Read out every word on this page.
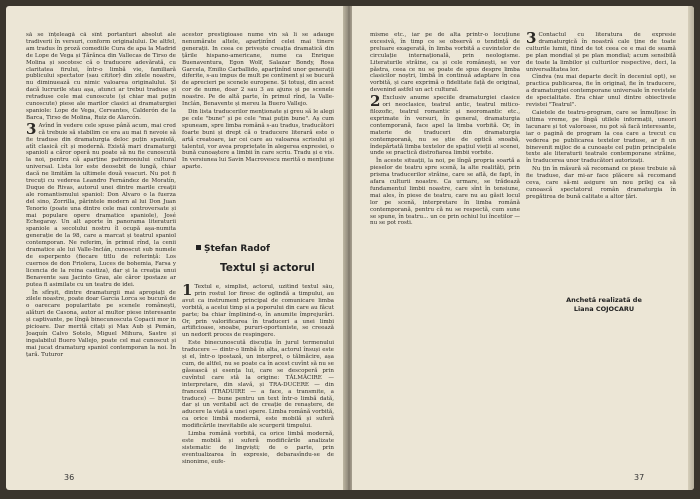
să se înțeleagă că sînt portanturi absolut ale tradiverii în versuri, conform originalului. De altfel, am tradus în proză comediile Cura de apa la Madrid de Lope de Vega și Țărănca din Vallecas de Tirso de Molina și socotesc că o traducere adevărată, cu claritatea firului, într-o limbă vie, familiară publicului spectator (sau cititor) din zilele noastre, nu diminuează cu nimic valoarea originalului. Și dacă lucrurile stau așa, atunci ar trebui traduse și retraduse cele mai cunoscute (și chiar mai puțin cunoscute) piese ale marilor clasici ai dramaturgiei spaniole: Lope de Vega, Cervantes, Calderón de la Barca, Tirso de Molina, Ruiz de Alarcón.

3 Avînd în vedere cele spuse până acum, mai cred că trebuie să stabilim ce era au mai fi nevoie să fie traduse din dramaturgia deloc puțin spaniolă, atît clasică cît și modernă. Există mari dramaturgi spanioli a căror operă nu poate să nu fie cunoscută la noi, pentru că aparține patrimoniului cultural universal. Lista lor este deosebit de lungă, chiar dacă ne limităm la ultimele două veacuri. Nu pot fi trecuți cu vederea Leandro Fernández de Moratín, Duque de Rivas, autorul unei dintre marile creații ale romantismului spaniol: Don Alvaro o la fuerza del sino, Zorrilla, părintele modern al lui Don Juan Tenorio (poate una dintre cele mai controversate și mai populare opere dramatice spaniole), José Echegaray. Un alt aporte în panorama literaturii spaniole a secolului nostru îl ocupă așa-numita generație de la 98, care a marcat și teatrul spaniol contemporan. Ne referim, în primul rînd, la cenii dramatice ale lui Valle-Inclán, cunoscut sub numele de esperpento (fiecare titlu de referință: Los cuernos de don Friolera, Luces de bohemia, Farsa y licencia de la reina castiza), dar și la creația unui Benavente sau Jacinto Grau, ale căror ipostaze ar putea fi asimilate cu un teatru de idei.

În sfîrșit, dintre dramaturgii mai apropiați de zilele noastre, poate doar García Lorca se bucură de o oarecare popularitate pe scenele românești, alături de Casona, autor al multor piese interesante și captivante, pe lîngă binecunoscuta Copacii mor in picioare. Dar merită citați și Max Aub și Pemán, Joaquín Calvo Sotelo, Miguel Mihura, Sastre și ingalabilul Buero Vallejo, poate cel mai cunoscut și mai jucat dramaturg spaniol contemporan la noi. În țară. Tuturor

acestor prestigioase nume vin să li se adauge nenumărate altele, aparținînd celei mai tinere generații. In ceea ce privește creația dramatică din țările hispano-americane, nume ca Enrique Buenaventura, Egon Wolf, Salazar Bondy, Rosa Garcela, Emilio Carballido, aparținînd unor generații diferite, s-au impus de mult pe continent și se bucură de aprecieri pe scenele europene. Și totuși, din acest cor de nume, doar 2 sau 3 au ajuns și pe scenele noastre. Pe de altă parte, în primul rînd, la Valle-Inclán, Benavente și mereu la Buero Vallejo.

Din lista traducerilor menționate și greu să le alegi pe cele "bune" și pe cele "mai puțin bune". Aș cum spuneam, spre limba română s-au tradus, traducători foarte buni și drept că o traducere literară este o artă creatoare, iar cei care au valoarea scrisului și talentul, vor avea proprietate în alegerea expresiei, o bună cunoaștere a limbii în care scriu. Tradu și e vis. In versiunea lui Savin Macrovescu merită o mențiune aparte.

Ștefan Radof
Textul și actorul

1 Textul e, simplist, actorul, uzitînd textul său, prin rostul lor firesc de oglindă a timpului, au avut ca instrument principal de comunicare limba vorbită, a acelui timp și a poporului din care au făcut parte; ba chiar împlinind-o, în anumite împrejurări. Or, prin valorificarea în traduceri a unei limbi artificioase, snoabe, pururi-oportuniste, se creează un nedorit proces de respingere.

Este binecunoscută discuția în jurul termenului traducere — dintr-o limbă în alta, actorul însuși este și el, într-o ipostază, un interpret, o tălmăcire, așa cum, de altfel, nu se poate ca în acest cuvînt să nu se găsească și esența lui, care se descoperă prin cuvîntul care stă la origine: TĂLMĂCIRE — interpretare, din slavă, și TRA-DUCERE — din franceză (TRADUIRE — a face, a transmite, a traduce) — bune pentru un text într-o limbă dată, dar și un veritabil act de creație de renaștere, de aducere la viață a unei opere. Limba română vorbită, ca orice limbă modernă, este mobilă și suferă modificările inevitabile ale scurgerii timpului.

Limba română vorbită, ca orice limbă modernă, este mobilă și suferă modificările analizate sistematic de lingviști; de o parte, prin eventualizarea în expresie, debarasîndu-se de sinonime, eufe-

36

misme etc., iar pe de alta printr-o locuțiune excesivă, în timp ce se observă o tendință de preluare exagerată, în limba vorbită a cuvintelor de circulație internațională, prin neologisme. Literaturile străine, ca și cele românești, se vor păstra, ceea ce nu se poate de spus despre limba clasicilor noștri, limbă în continuă adaptare în cea vorbită, și care exprimă o fidelitate față de original, devenind astfel un act cultural.

2 Exclusiv anume speciile dramaturgiei clasice ori neoclasice, teatrul antic, teatrul mitico-filozofic, teatrul romantic și neoromantic etc., exprimate în versuri, în general, dramaturgia contemporană, face apel la limba vorbită. Or, în materie de traduceri din dramaturgia contemporană, nu se știe de optică snoabă, îndepărtată limba textelor de spațiul vieții al scenei, unde se practică distrofiarea limbii vorbite.

În aceste situații, la noi, pe lîngă propria soartă a pieselor de teatru spre scenă, la alte realități, prin prisma traducerilor străine, care se află, de fapt, în afara culturii noastre. Ca urmare, se trădează fundamentul limbii noastre, care sînt în tensiune, mai ales, în piese de teatru, care nu au găsit locul lor pe scenă, interpretare în limba română contemporană, pentru că nu se respectă, cum sune se spune, în teatru... un ce prin ochiul lui încetilor — nu se pot rosti.

3 Contactul cu literatura de expresie dramaturgică în noastră cale ține de toate culturile lumii, fiind de tot ceea ce e mai de seamă pe plan mondial și pe plan mondial; acum sensibilă de toate la limbilor și culturilor respective, deci, la universalitatea lor.

Cîndva (nu mai departe decît în deceniul opt), se practica publicarea, fie în original, fie în traducere, a dramaturgiei contemporane universale în revistele de specialitate. Era chiar unul dintre obiectivele revistei "Teatrul".

Caietele de teatru-program, care se înmulțesc în ultima vreme, pe lîngă utilele informații, uneori lacunare și tot valoroase, nu pot să facă interesante, iar o pagină de program la cea care a trecut cu vederea pe publicarea textelor traduse, ar fi un binevenit mijloc de a cunoaște cel puțin principalele texte ale literaturii teatrale contemporane străine, în traducerea unor traducători autorizați.

Nu țin în măsură să recomand ce piese trebuie să fie traduse, dar mi-ar face plăcere să recomand ceva, care să-mi asigure un nou prilej ca să cunoască spectatorul român dramaturgia în pregătirea de bună calitate a altor țări.

Anchetă realizată de
Liana COJOCARU
37
